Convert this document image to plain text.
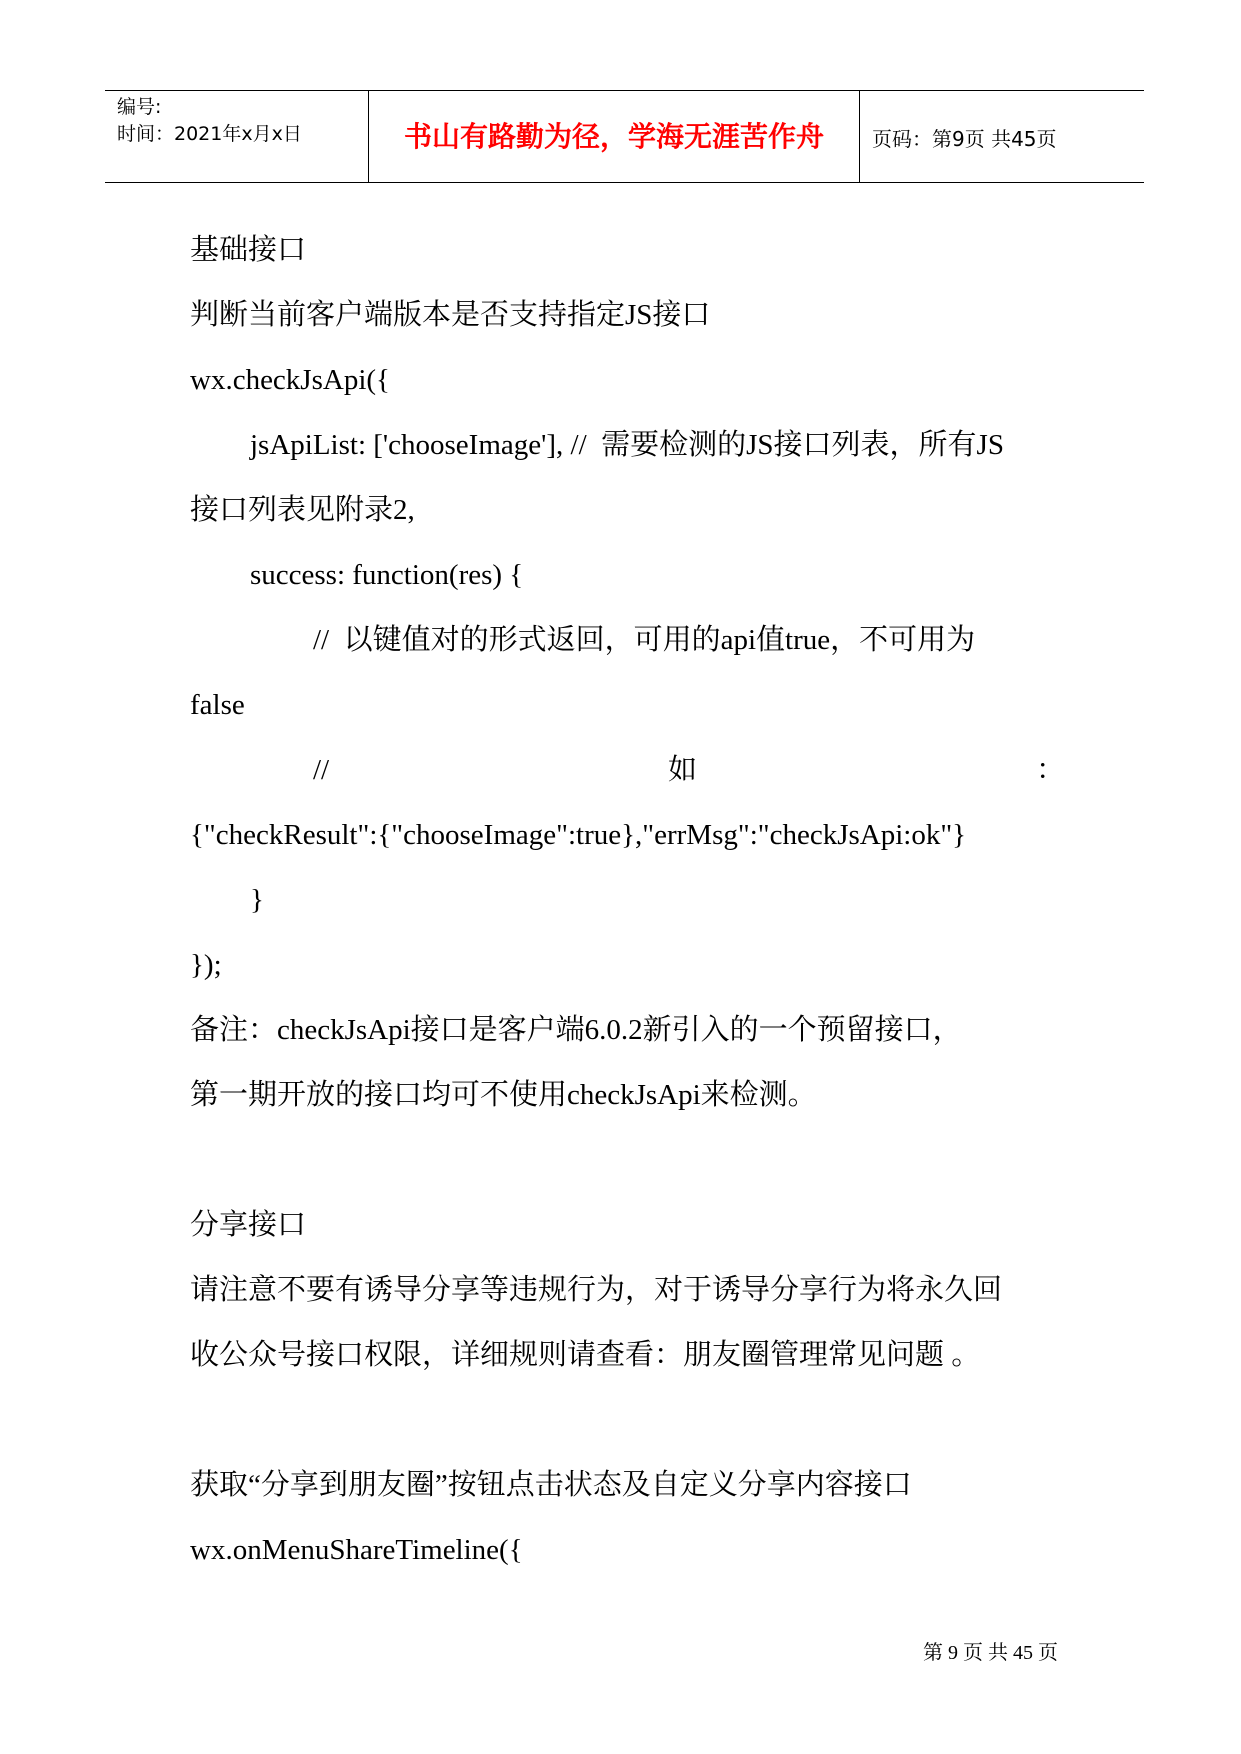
编号:
时间：2021年x月x日	书山有路勤为径，学海无涯苦作舟	页码：第9页 共45页
基础接口
判断当前客户端版本是否支持指定JS接口
wx.checkJsApi({
jsApiList: ['chooseImage'], //  需要检测的JS接口列表，所有JS
接口列表见附录2,
success: function(res) {
//  以键值对的形式返回，可用的api值true，不可用为
false
//	如	：
{"checkResult":{"chooseImage":true},"errMsg":"checkJsApi:ok"}
}
});
备注：checkJsApi接口是客户端6.0.2新引入的一个预留接口，
第一期开放的接口均可不使用checkJsApi来检测。
分享接口
请注意不要有诱导分享等违规行为，对于诱导分享行为将永久回
收公众号接口权限，详细规则请查看：朋友圈管理常见问题 。
获取“分享到朋友圈”按钮点击状态及自定义分享内容接口
wx.onMenuShareTimeline({
第 9 页 共 45 页
